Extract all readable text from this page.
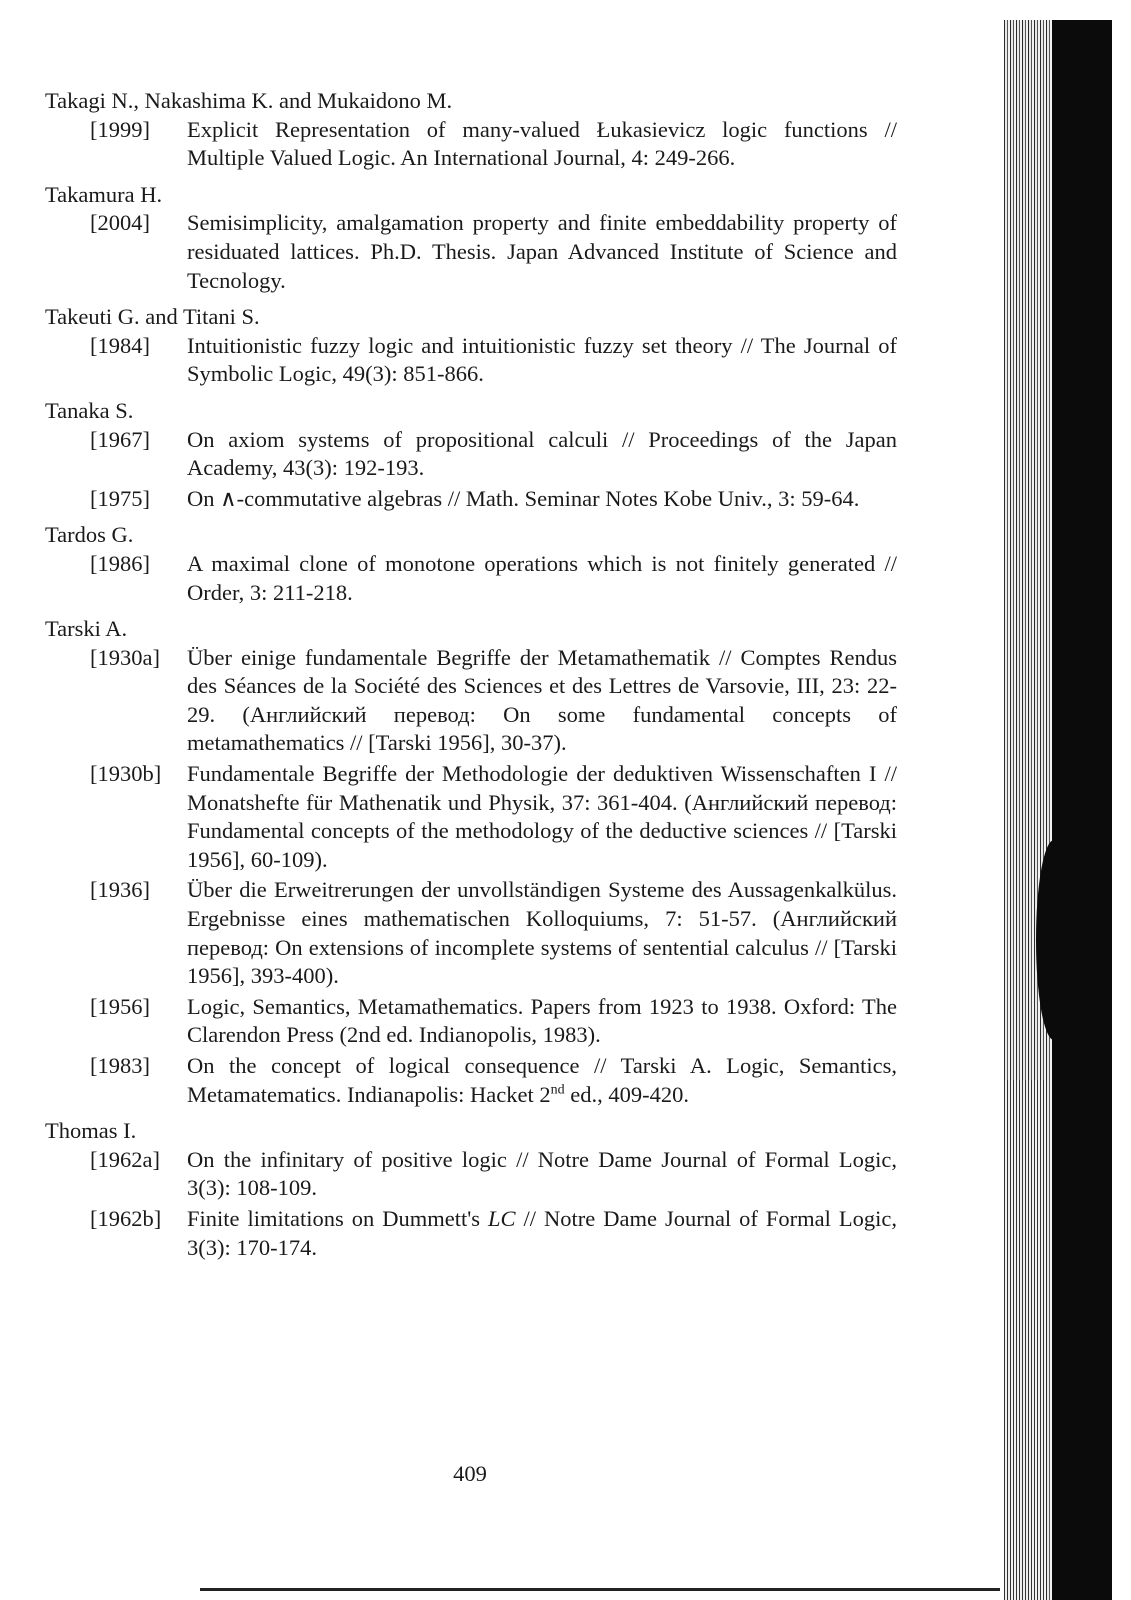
Takagi N., Nakashima K. and Mukaidono M.
[1999] Explicit Representation of many-valued Łukasievicz logic functions // Multiple Valued Logic. An International Journal, 4: 249-266.
Takamura H.
[2004] Semisimplicity, amalgamation property and finite embeddability property of residuated lattices. Ph.D. Thesis. Japan Advanced Institute of Science and Tecnology.
Takeuti G. and Titani S.
[1984] Intuitionistic fuzzy logic and intuitionistic fuzzy set theory // The Journal of Symbolic Logic, 49(3): 851-866.
Tanaka S.
[1967] On axiom systems of propositional calculi // Proceedings of the Japan Academy, 43(3): 192-193.
[1975] On ∧-commutative algebras // Math. Seminar Notes Kobe Univ., 3: 59-64.
Tardos G.
[1986] A maximal clone of monotone operations which is not finitely generated // Order, 3: 211-218.
Tarski A.
[1930a] Über einige fundamentale Begriffe der Metamathematik // Comptes Rendus des Séances de la Société des Sciences et des Lettres de Varsovie, III, 23: 22-29. (Английский перевод: On some fundamental concepts of metamathematics // [Tarski 1956], 30-37).
[1930b] Fundamentale Begriffe der Methodologie der deduktiven Wissenschaften I // Monatshefte für Mathenatik und Physik, 37: 361-404. (Английский перевод: Fundamental concepts of the methodology of the deductive sciences // [Tarski 1956], 60-109).
[1936] Über die Erweitrerungen der unvollständigen Systeme des Aussagenkalkülus. Ergebnisse eines mathematischen Kolloquiums, 7: 51-57. (Английский перевод: On extensions of incomplete systems of sentential calculus // [Tarski 1956], 393-400).
[1956] Logic, Semantics, Metamathematics. Papers from 1923 to 1938. Oxford: The Clarendon Press (2nd ed. Indianopolis, 1983).
[1983] On the concept of logical consequence // Tarski A. Logic, Semantics, Metamatematics. Indianapolis: Hacket 2nd ed., 409-420.
Thomas I.
[1962a] On the infinitary of positive logic // Notre Dame Journal of Formal Logic, 3(3): 108-109.
[1962b] Finite limitations on Dummett's LC // Notre Dame Journal of Formal Logic, 3(3): 170-174.
409
